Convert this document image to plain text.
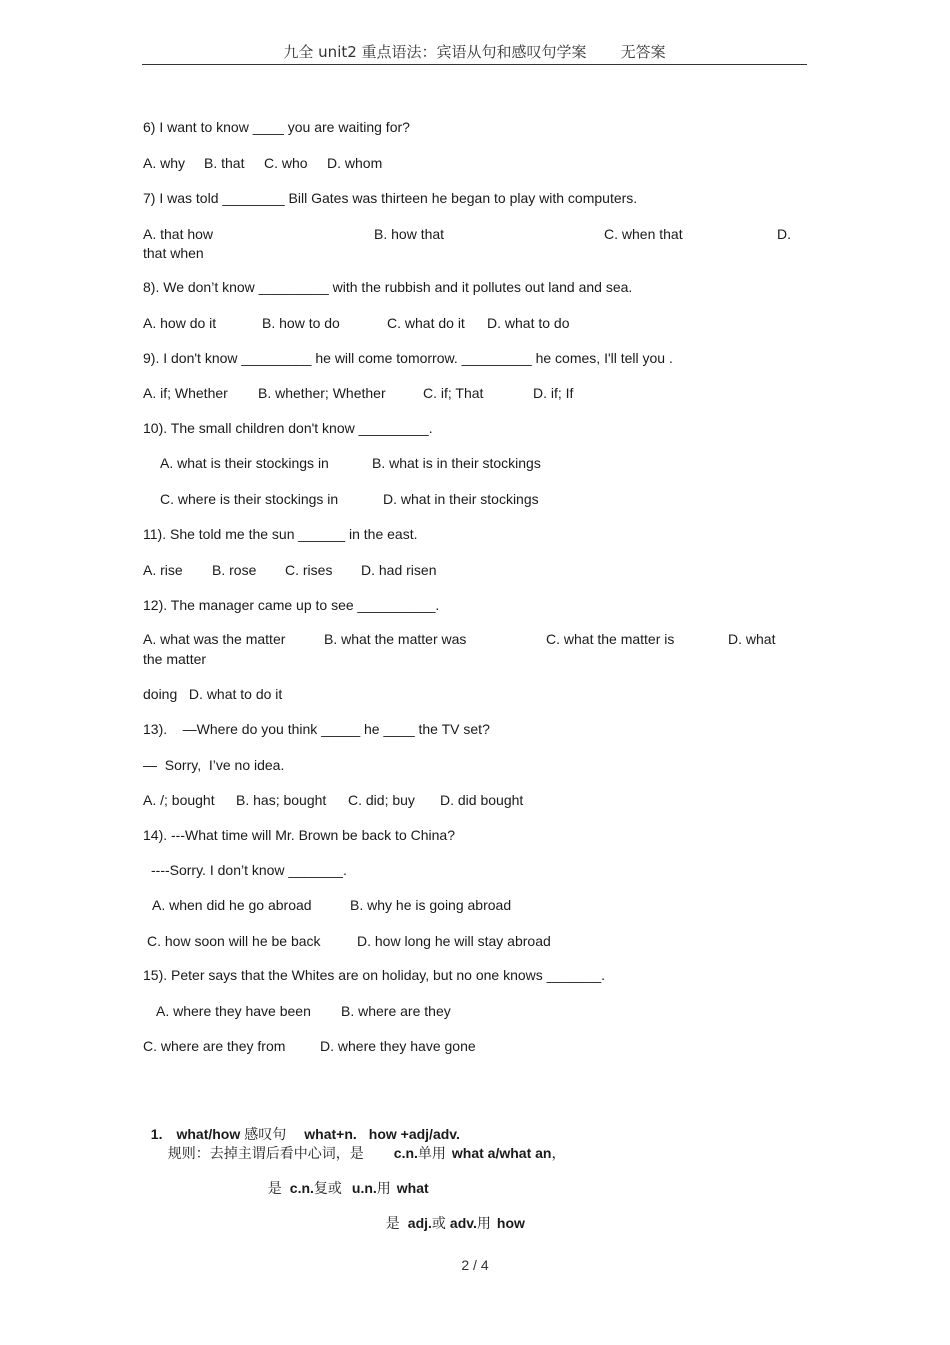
九全 unit2 重点语法：宾语从句和感叹句学案 无答案
6) I want to know ____ you are waiting for?
A. why B. that C. who D. whom
7) I was told ________ Bill Gates was thirteen he began to play with computers.
A. that how	B. how that	C. when that	D.
that when
8). We don’t know _________ with the rubbish and it pollutes out land and sea.
A. how do it	B. how to do	C. what do it D. what to do
9). I don't know _________ he will come tomorrow. _________ he comes, I'll tell you .
A. if; Whether B. whether; Whether	C. if; That	D. if; If
10). The small children don't know _________.
A. what is their stockings in	B. what is in their stockings
C. where is their stockings in	D. what in their stockings
11). She told me the sun ______ in the east.
A. rise B. rose C. rises D. had risen
12). The manager came up to see __________.
A. what was the matter	B. what the matter was	C. what the matter is	D. what
the matter
doing   D. what to do it
13).    —Where do you think _____ he ____ the TV set?
—  Sorry,  I’ve no idea.
A. /; bought B. has; bought C. did; buy D. did bought
14). ---What time will Mr. Brown be back to China?
----Sorry. I don’t know _______.
A. when did he go abroad	B. why he is going abroad
C. how soon will he be back	D. how long he will stay abroad
15). Peter says that the Whites are on holiday, but no one knows _______.
A. where they have been B. where are they
C. where are they from D. where they have gone

1. what/how 感叹句 what+n. how +adj/adv.

规则：去掉主谓后看中心词，是 c.n.单用 what a/what an，

是 c.n.复或 u.n.用 what

是 adj.或 adv.用 how

2 / 4
